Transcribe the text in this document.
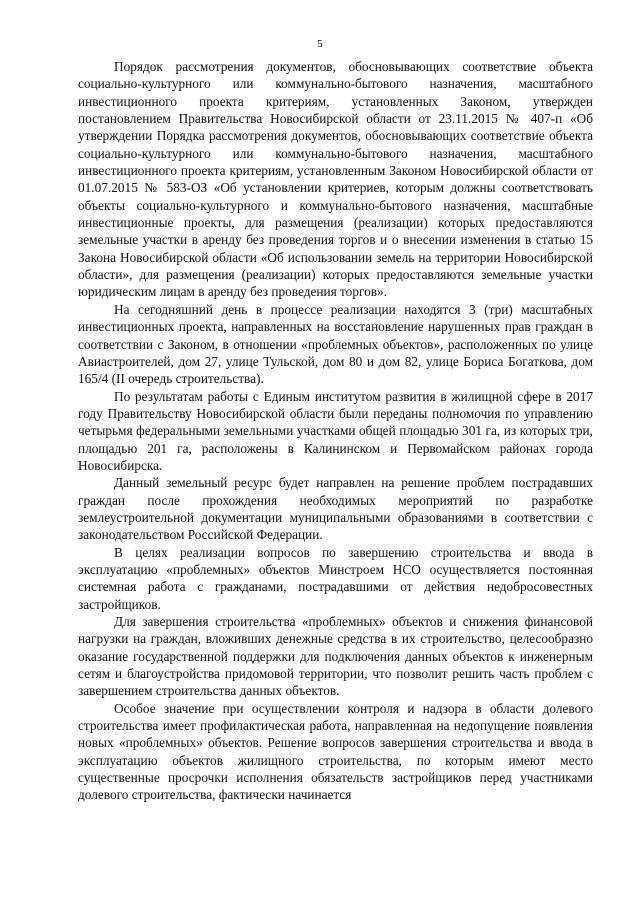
5

Порядок рассмотрения документов, обосновывающих соответствие объекта социально-культурного или коммунально-бытового назначения, масштабного инвестиционного проекта критериям, установленных Законом, утвержден постановлением Правительства Новосибирской области от 23.11.2015 № 407-п «Об утверждении Порядка рассмотрения документов, обосновывающих соответствие объекта социально-культурного или коммунально-бытового назначения, масштабного инвестиционного проекта критериям, установленным Законом Новосибирской области от 01.07.2015 № 583-ОЗ «Об установлении критериев, которым должны соответствовать объекты социально-культурного и коммунально-бытового назначения, масштабные инвестиционные проекты, для размещения (реализации) которых предоставляются земельные участки в аренду без проведения торгов и о внесении изменения в статью 15 Закона Новосибирской области «Об использовании земель на территории Новосибирской области», для размещения (реализации) которых предоставляются земельные участки юридическим лицам в аренду без проведения торгов».

На сегодняшний день в процессе реализации находятся 3 (три) масштабных инвестиционных проекта, направленных на восстановление нарушенных прав граждан в соответствии с Законом, в отношении «проблемных объектов», расположенных по улице Авиастроителей, дом 27, улице Тульской, дом 80 и дом 82, улице Бориса Богаткова, дом 165/4 (II очередь строительства).

По результатам работы с Единым институтом развития в жилищной сфере в 2017 году Правительству Новосибирской области были переданы полномочия по управлению четырьмя федеральными земельными участками общей площадью 301 га, из которых три, площадью 201 га, расположены в Калининском и Первомайском районах города Новосибирска.

Данный земельный ресурс будет направлен на решение проблем пострадавших граждан после прохождения необходимых мероприятий по разработке землеустроительной документации муниципальными образованиями в соответствии с законодательством Российской Федерации.

В целях реализации вопросов по завершению строительства и ввода в эксплуатацию «проблемных» объектов Минстроем НСО осуществляется постоянная системная работа с гражданами, пострадавшими от действия недобросовестных застройщиков.

Для завершения строительства «проблемных» объектов и снижения финансовой нагрузки на граждан, вложивших денежные средства в их строительство, целесообразно оказание государственной поддержки для подключения данных объектов к инженерным сетям и благоустройства придомовой территории, что позволит решить часть проблем с завершением строительства данных объектов.

Особое значение при осуществлении контроля и надзора в области долевого строительства имеет профилактическая работа, направленная на недопущение появления новых «проблемных» объектов. Решение вопросов завершения строительства и ввода в эксплуатацию объектов жилищного строительства, по которым имеют место существенные просрочки исполнения обязательств застройщиков перед участниками долевого строительства, фактически начинается
